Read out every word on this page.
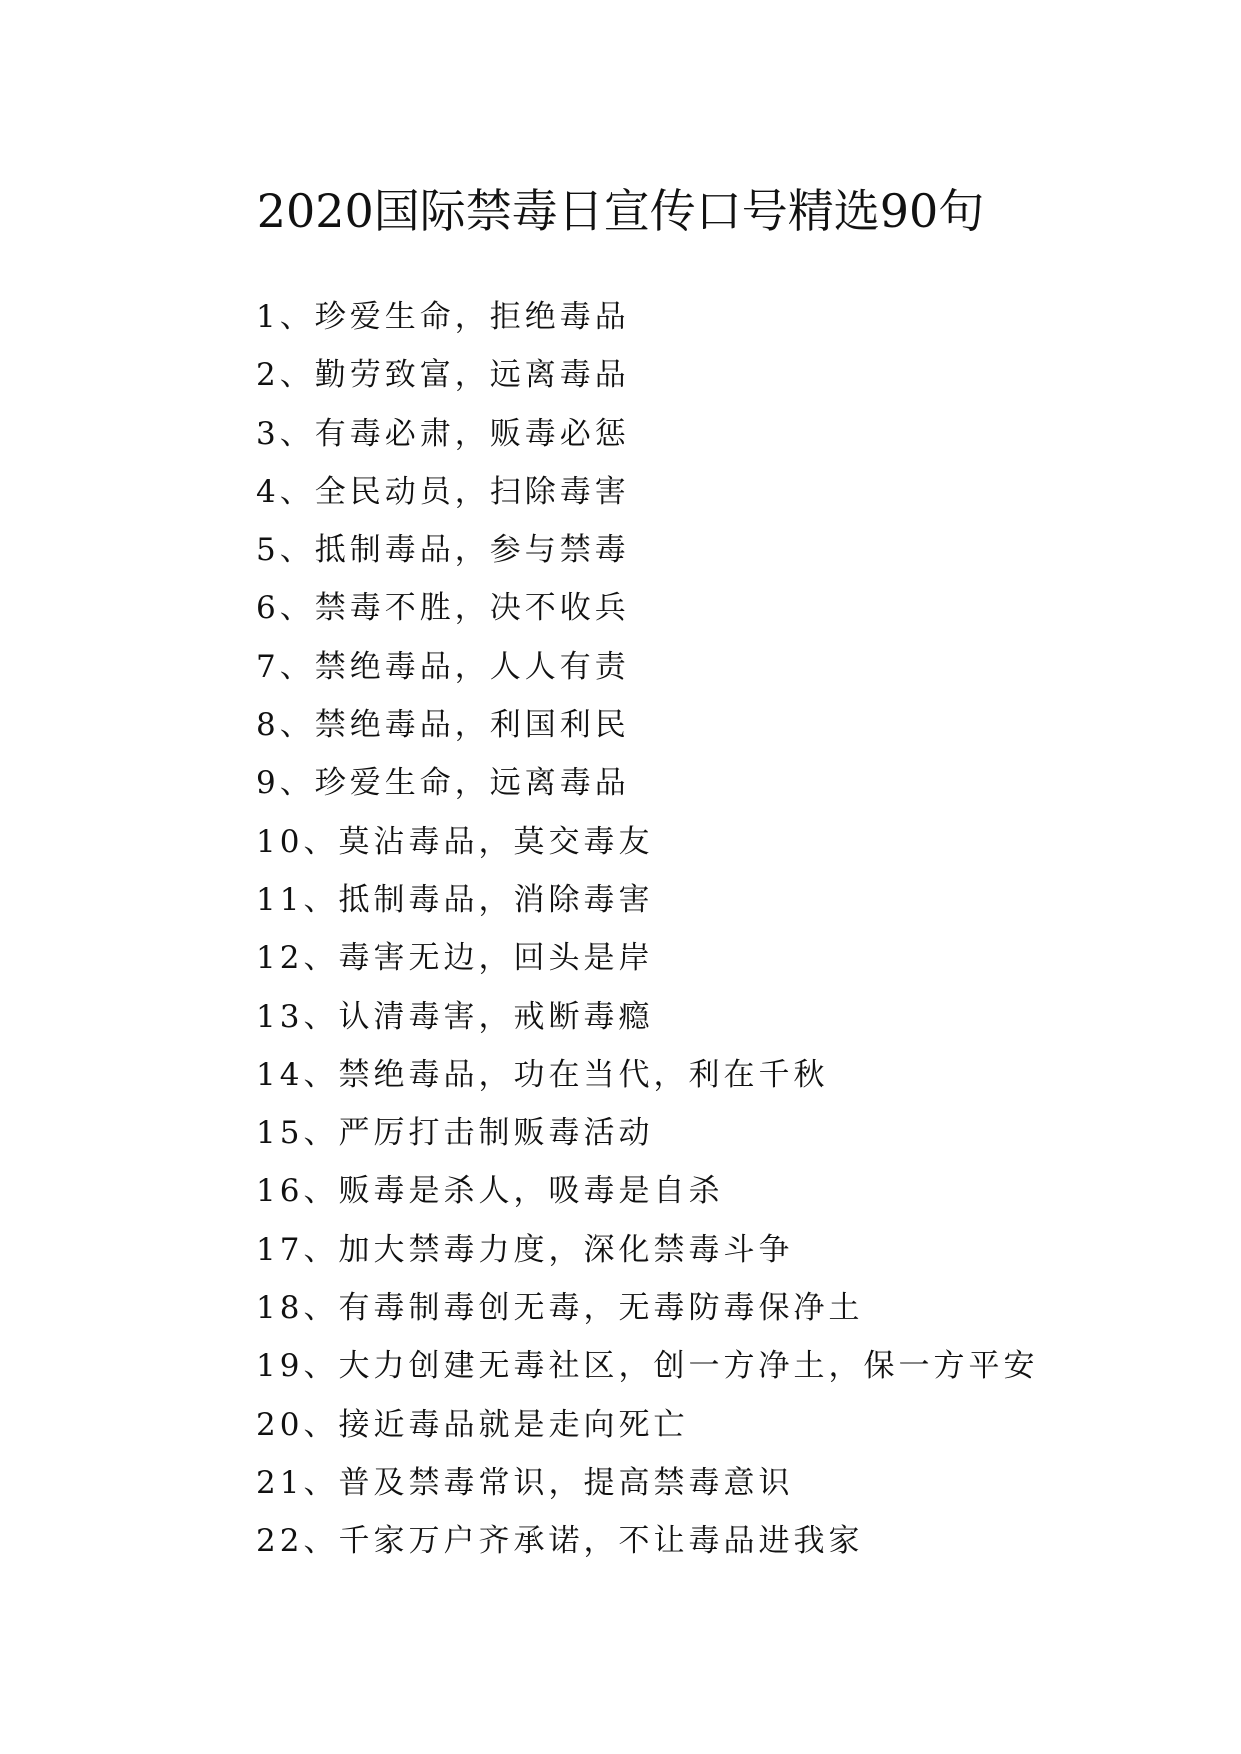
2020国际禁毒日宣传口号精选90句
1、珍爱生命，拒绝毒品
2、勤劳致富，远离毒品
3、有毒必肃，贩毒必惩
4、全民动员，扫除毒害
5、抵制毒品，参与禁毒
6、禁毒不胜，决不收兵
7、禁绝毒品，人人有责
8、禁绝毒品，利国利民
9、珍爱生命，远离毒品
10、莫沾毒品，莫交毒友
11、抵制毒品，消除毒害
12、毒害无边，回头是岸
13、认清毒害，戒断毒瘾
14、禁绝毒品，功在当代，利在千秋
15、严厉打击制贩毒活动
16、贩毒是杀人，吸毒是自杀
17、加大禁毒力度，深化禁毒斗争
18、有毒制毒创无毒，无毒防毒保净土
19、大力创建无毒社区，创一方净土，保一方平安
20、接近毒品就是走向死亡
21、普及禁毒常识，提高禁毒意识
22、千家万户齐承诺，不让毒品进我家
